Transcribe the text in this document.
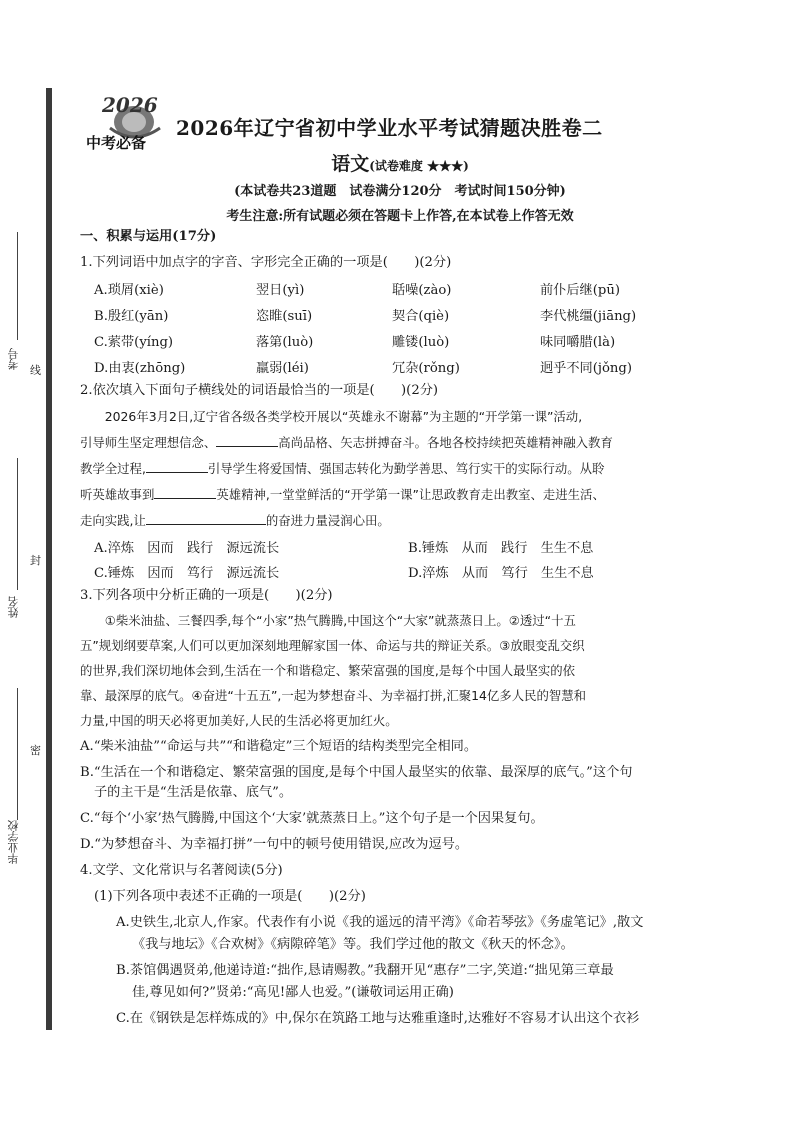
考号
姓名
毕业学校
线
封
密
2026
中考必备
2026年辽宁省初中学业水平考试猜题决胜卷二
语文(试卷难度 ★★★)
(本试卷共23道题　试卷满分120分　考试时间150分钟)
考生注意:所有试题必须在答题卡上作答,在本试卷上作答无效
一、积累与运用(17分)
1.下列词语中加点字的字音、字形完全正确的一项是(　　)(2分)
A.琐屑(xiè)	翌日(yì)	聒噪(zào)	前仆后继(pū)
B.殷红(yān)	恣睢(suī)	契合(qiè)	李代桃缰(jiāng)
C.萦带(yíng)	落第(luò)	雕镂(luò)	味同嚼腊(là)
D.由衷(zhōng)	羸弱(léi)	冗杂(rǒng)	迥乎不同(jǒng)
2.依次填入下面句子横线处的词语最恰当的一项是(　　)(2分)
　　2026年3月2日,辽宁省各级各类学校开展以“英雄永不谢幕”为主题的“开学第一课”活动,
引导师生坚定理想信念、	高尚品格、矢志拼搏奋斗。各地各校持续把英雄精神融入教育
教学全过程,	引导学生将爱国情、强国志转化为勤学善思、笃行实干的实际行动。从聆
听英雄故事到	英雄精神,一堂堂鲜活的“开学第一课”让思政教育走出教室、走进生活、
走向实践,让	的奋进力量浸润心田。
A.淬炼　因而　践行　源远流长	B.锤炼　从而　践行　生生不息
C.锤炼　因而　笃行　源远流长	D.淬炼　从而　笃行　生生不息
3.下列各项中分析正确的一项是(　　)(2分)
　　①柴米油盐、三餐四季,每个“小家”热气腾腾,中国这个“大家”就蒸蒸日上。②透过“十五
五”规划纲要草案,人们可以更加深刻地理解家国一体、命运与共的辩证关系。③放眼变乱交织
的世界,我们深切地体会到,生活在一个和谐稳定、繁荣富强的国度,是每个中国人最坚实的依
靠、最深厚的底气。④奋进“十五五”,一起为梦想奋斗、为幸福打拼,汇聚14亿多人民的智慧和
力量,中国的明天必将更加美好,人民的生活必将更加红火。
A.“柴米油盐”“命运与共”“和谐稳定”三个短语的结构类型完全相同。
B.“生活在一个和谐稳定、繁荣富强的国度,是每个中国人最坚实的依靠、最深厚的底气。”这个句
子的主干是“生活是依靠、底气”。
C.“每个‘小家’热气腾腾,中国这个‘大家’就蒸蒸日上。”这个句子是一个因果复句。
D.“为梦想奋斗、为幸福打拼”一句中的顿号使用错误,应改为逗号。
4.文学、文化常识与名著阅读(5分)
(1)下列各项中表述不正确的一项是(　　)(2分)
A.史铁生,北京人,作家。代表作有小说《我的遥远的清平湾》《命若琴弦》《务虚笔记》,散文
《我与地坛》《合欢树》《病隙碎笔》等。我们学过他的散文《秋天的怀念》。
B.茶馆偶遇贤弟,他递诗道:“拙作,恳请赐教。”我翻开见“惠存”二字,笑道:“拙见第三章最
佳,尊见如何?”贤弟:“高见!鄙人也爱。”(谦敬词运用正确)
C.在《钢铁是怎样炼成的》中,保尔在筑路工地与达雅重逢时,达雅好不容易才认出这个衣衫
